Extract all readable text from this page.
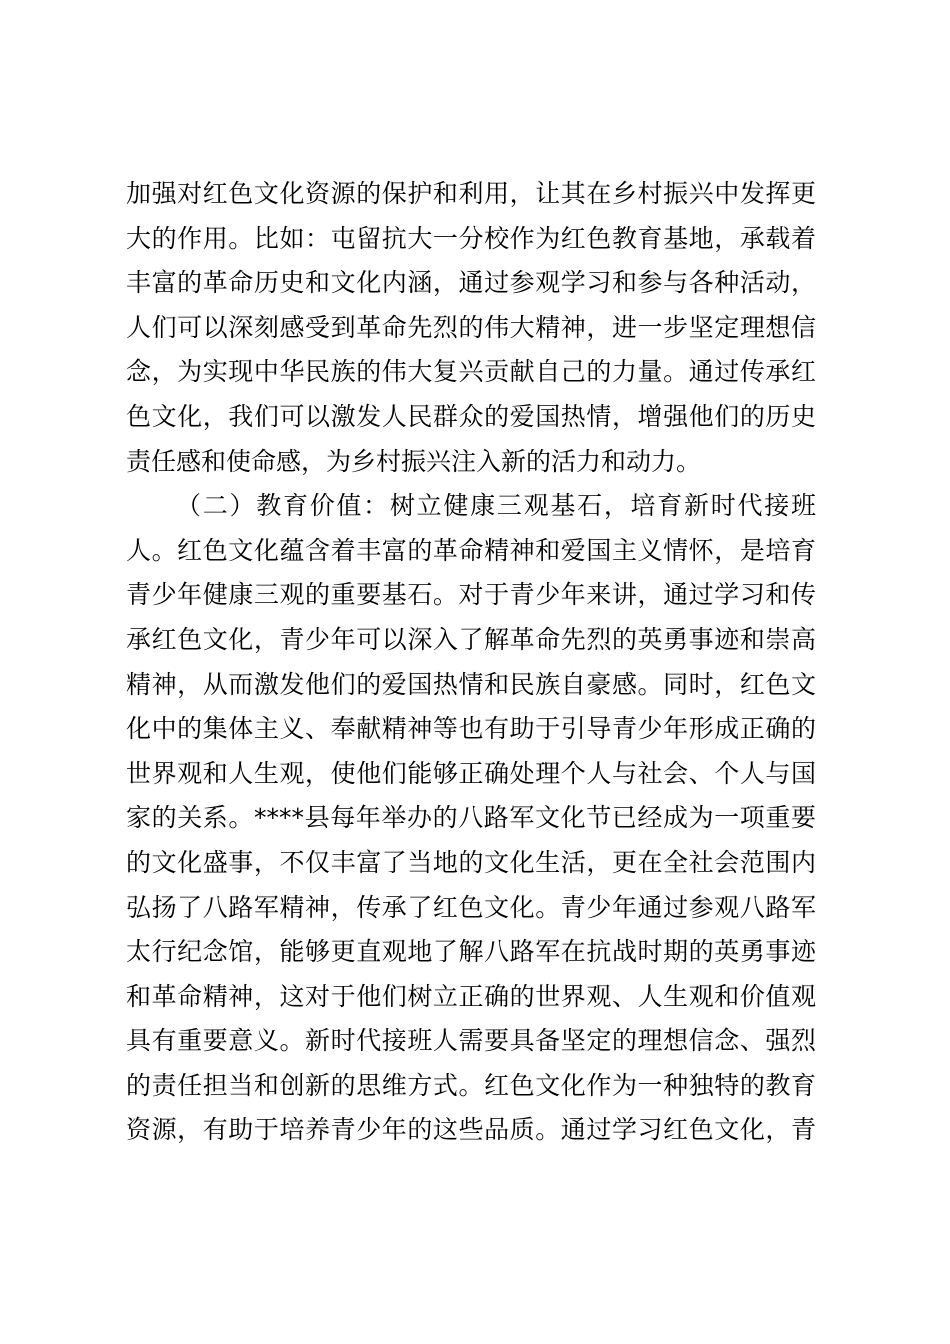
加强对红色文化资源的保护和利用，让其在乡村振兴中发挥更
大的作用。比如：屯留抗大一分校作为红色教育基地，承载着
丰富的革命历史和文化内涵，通过参观学习和参与各种活动，
人们可以深刻感受到革命先烈的伟大精神，进一步坚定理想信
念，为实现中华民族的伟大复兴贡献自己的力量。通过传承红
色文化，我们可以激发人民群众的爱国热情，增强他们的历史
责任感和使命感，为乡村振兴注入新的活力和动力。
（二）教育价值：树立健康三观基石，培育新时代接班
人。红色文化蕴含着丰富的革命精神和爱国主义情怀，是培育
青少年健康三观的重要基石。对于青少年来讲，通过学习和传
承红色文化，青少年可以深入了解革命先烈的英勇事迹和崇高
精神，从而激发他们的爱国热情和民族自豪感。同时，红色文
化中的集体主义、奉献精神等也有助于引导青少年形成正确的
世界观和人生观，使他们能够正确处理个人与社会、个人与国
家的关系。****县每年举办的八路军文化节已经成为一项重要
的文化盛事，不仅丰富了当地的文化生活，更在全社会范围内
弘扬了八路军精神，传承了红色文化。青少年通过参观八路军
太行纪念馆，能够更直观地了解八路军在抗战时期的英勇事迹
和革命精神，这对于他们树立正确的世界观、人生观和价值观
具有重要意义。新时代接班人需要具备坚定的理想信念、强烈
的责任担当和创新的思维方式。红色文化作为一种独特的教育
资源，有助于培养青少年的这些品质。通过学习红色文化，青
